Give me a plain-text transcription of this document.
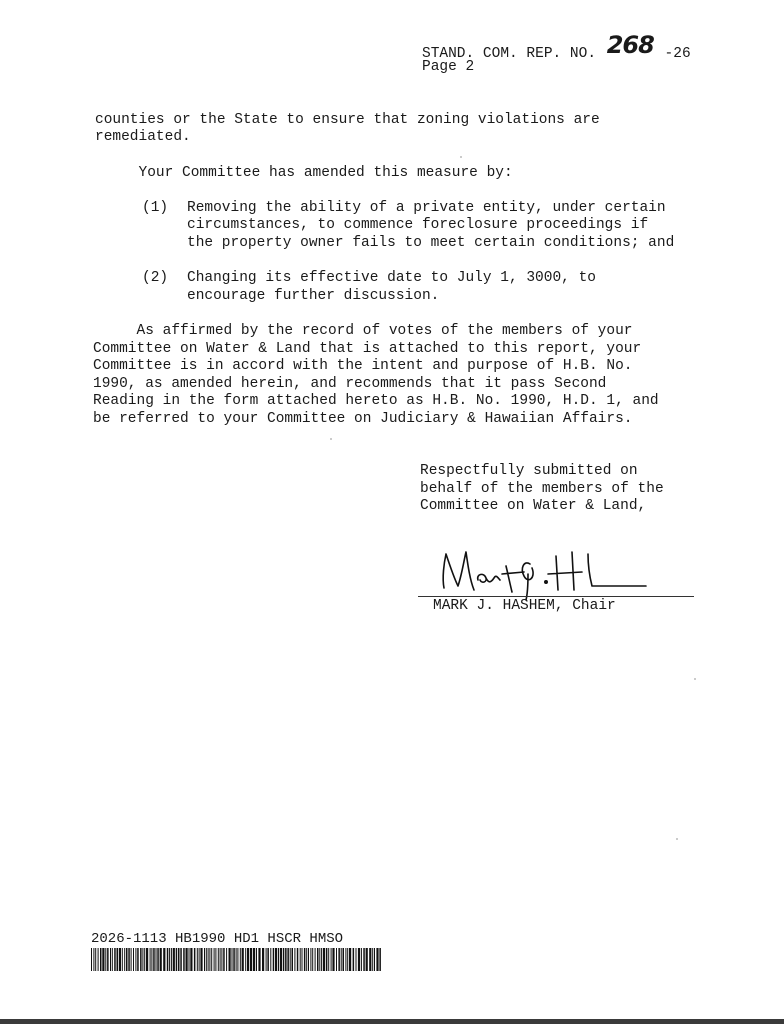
STAND. COM. REP. NO. 268 -26
Page 2
counties or the State to ensure that zoning violations are
remediated.
Your Committee has amended this measure by:
(1) Removing the ability of a private entity, under certain
circumstances, to commence foreclosure proceedings if
the property owner fails to meet certain conditions; and
(2) Changing its effective date to July 1, 3000, to
encourage further discussion.
As affirmed by the record of votes of the members of your
Committee on Water & Land that is attached to this report, your
Committee is in accord with the intent and purpose of H.B. No.
1990, as amended herein, and recommends that it pass Second
Reading in the form attached hereto as H.B. No. 1990, H.D. 1, and
be referred to your Committee on Judiciary & Hawaiian Affairs.
Respectfully submitted on
behalf of the members of the
Committee on Water & Land,
MARK J. HASHEM, Chair
2026-1113 HB1990 HD1 HSCR HMSO
